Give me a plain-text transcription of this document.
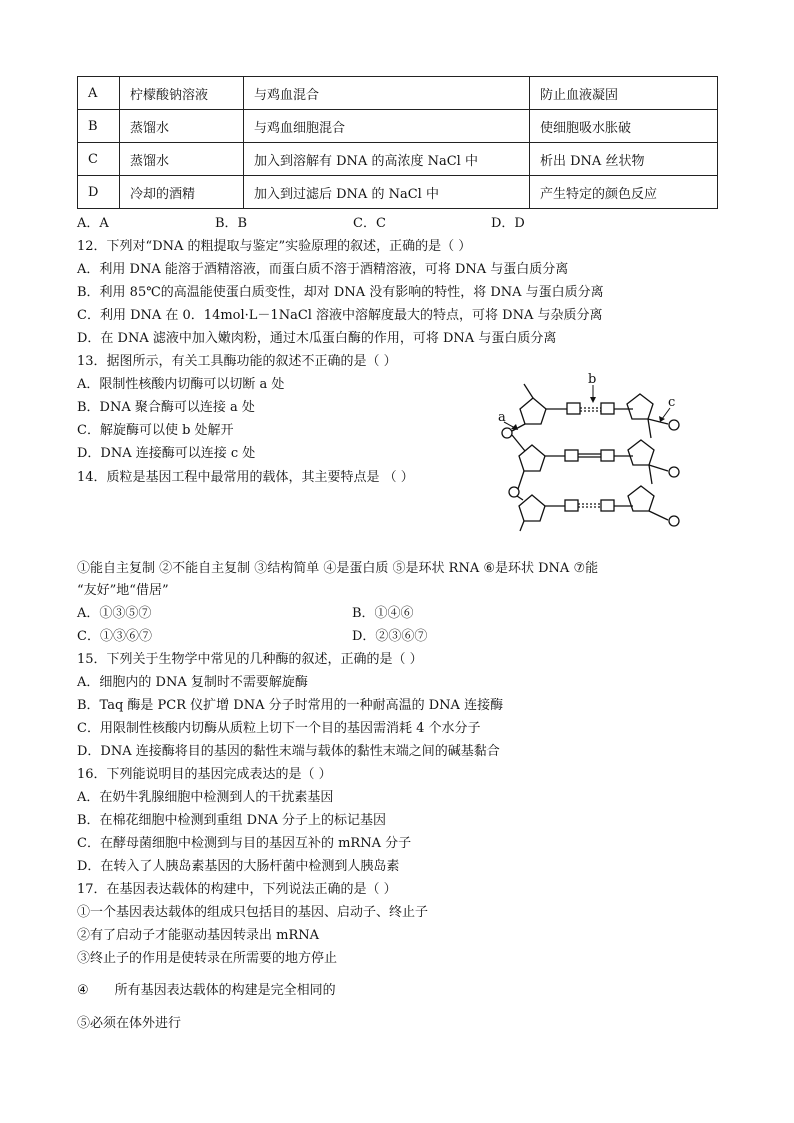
A	柠檬酸钠溶液	与鸡血混合	防止血液凝固
B	蒸馏水	与鸡血细胞混合	使细胞吸水胀破
C	蒸馏水	加入到溶解有 DNA 的高浓度 NaCl 中	析出 DNA 丝状物
D	冷却的酒精	加入到过滤后 DNA 的 NaCl 中	产生特定的颜色反应
A．A	B．B	C．C	D．D
12．下列对“DNA 的粗提取与鉴定”实验原理的叙述，正确的是（ ）
A．利用 DNA 能溶于酒精溶液，而蛋白质不溶于酒精溶液，可将 DNA 与蛋白质分离
B．利用 85℃的高温能使蛋白质变性，却对 DNA 没有影响的特性，将 DNA 与蛋白质分离
C．利用 DNA 在 0．14mol·L－1NaCl 溶液中溶解度最大的特点，可将 DNA 与杂质分离
D．在 DNA 滤液中加入嫩肉粉，通过木瓜蛋白酶的作用，可将 DNA 与蛋白质分离
13．据图所示，有关工具酶功能的叙述不正确的是（ ）
A．限制性核酸内切酶可以切断 a 处
B．DNA 聚合酶可以连接 a 处
C．解旋酶可以使 b 处解开
D．DNA 连接酶可以连接 c 处
b
a
c
14．质粒是基因工程中最常用的载体，其主要特点是 （ ）
①能自主复制 ②不能自主复制 ③结构简单 ④是蛋白质 ⑤是环状 RNA ⑥是环状 DNA ⑦能
“友好”地“借居”
A．①③⑤⑦	B．①④⑥
C．①③⑥⑦	D．②③⑥⑦
15．下列关于生物学中常见的几种酶的叙述，正确的是（ ）
A．细胞内的 DNA 复制时不需要解旋酶
B．Taq 酶是 PCR 仪扩增 DNA 分子时常用的一种耐高温的 DNA 连接酶
C．用限制性核酸内切酶从质粒上切下一个目的基因需消耗 4 个水分子
D．DNA 连接酶将目的基因的黏性末端与载体的黏性末端之间的碱基黏合
16．下列能说明目的基因完成表达的是（ ）
A．在奶牛乳腺细胞中检测到人的干扰素基因
B．在棉花细胞中检测到重组 DNA 分子上的标记基因
C．在酵母菌细胞中检测到与目的基因互补的 mRNA 分子
D．在转入了人胰岛素基因的大肠杆菌中检测到人胰岛素
17．在基因表达载体的构建中，下列说法正确的是（ ）
①一个基因表达载体的组成只包括目的基因、启动子、终止子
②有了启动子才能驱动基因转录出 mRNA
③终止子的作用是使转录在所需要的地方停止
④ 所有基因表达载体的构建是完全相同的
⑤必须在体外进行
